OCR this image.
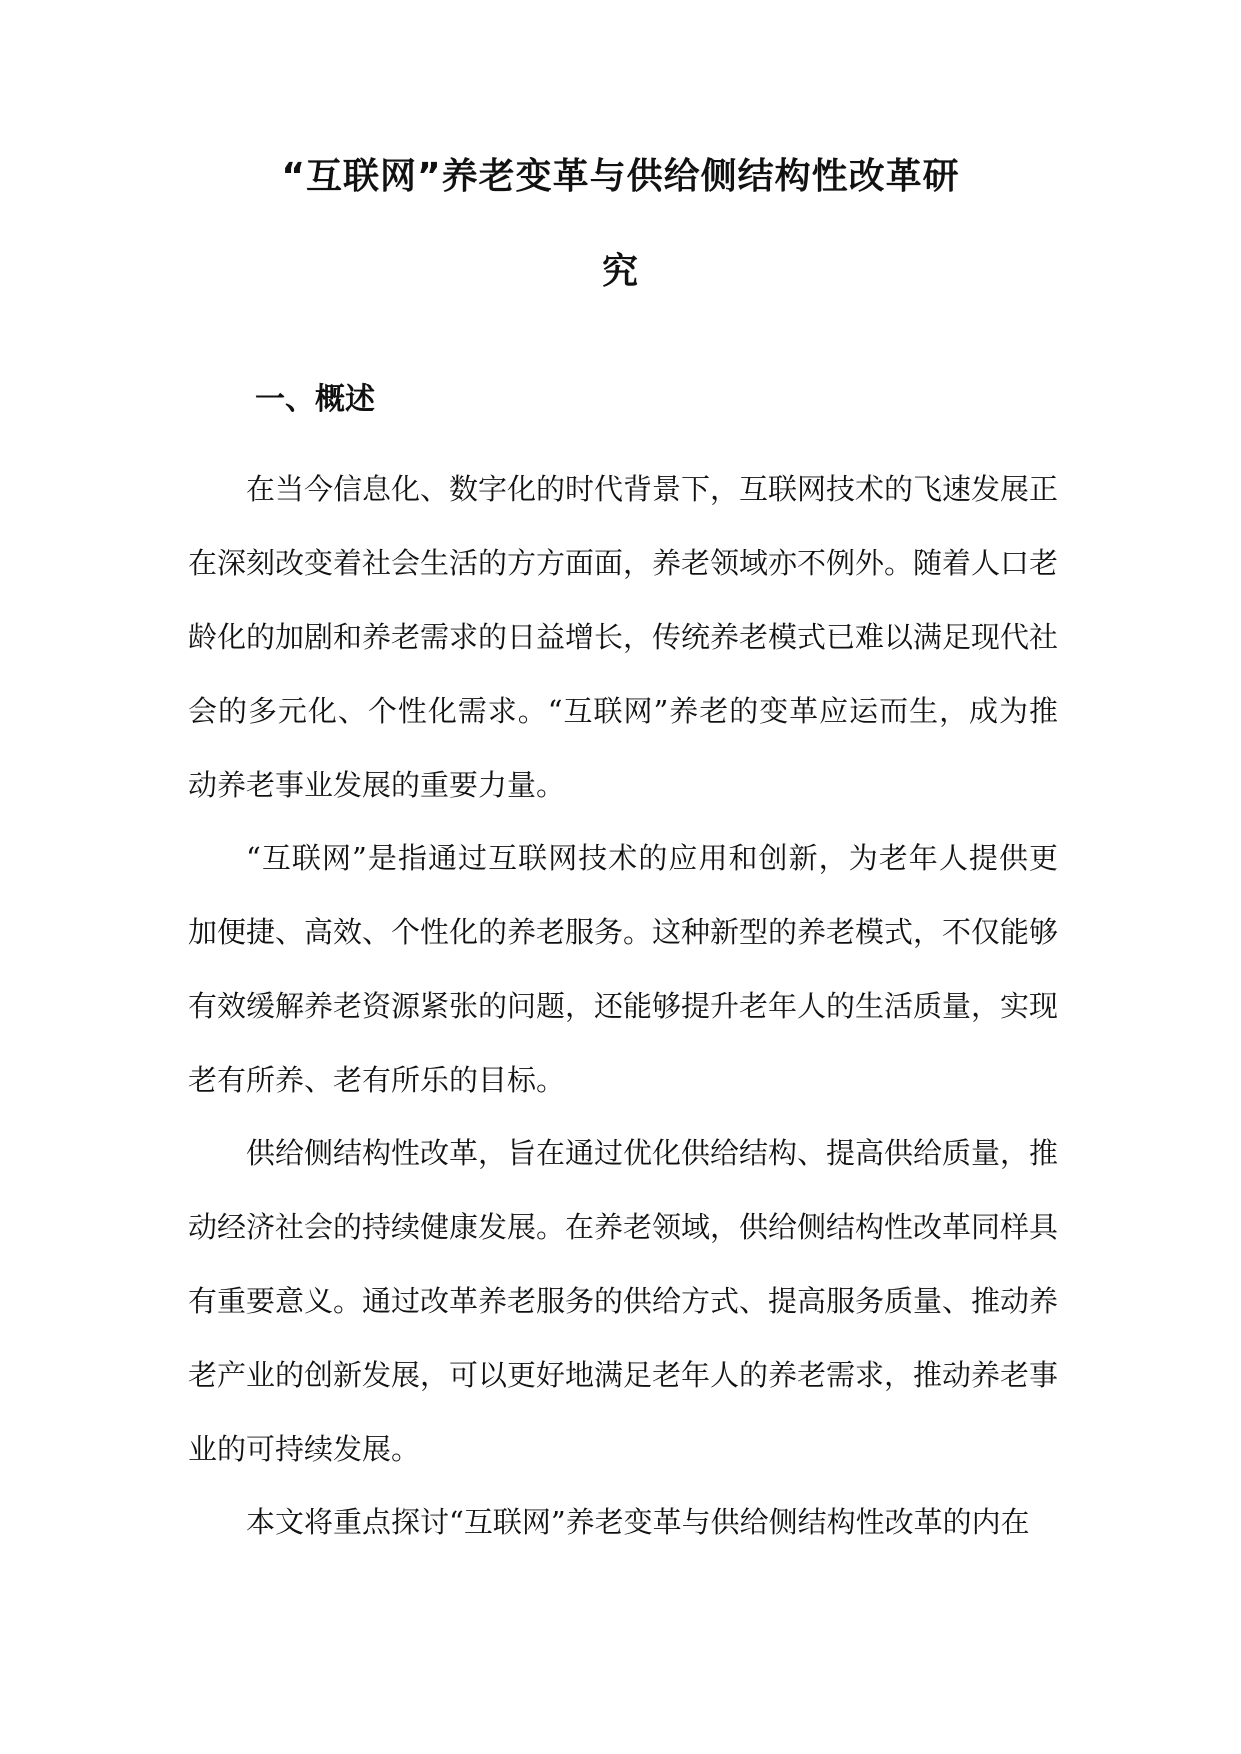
“互联网”养老变革与供给侧结构性改革研
究
一、概述

在当今信息化、数字化的时代背景下，互联网技术的飞速发展正在深刻改变着社会生活的方方面面，养老领域亦不例外。随着人口老龄化的加剧和养老需求的日益增长，传统养老模式已难以满足现代社会的多元化、个性化需求。“互联网”养老的变革应运而生，成为推动养老事业发展的重要力量。

“互联网”是指通过互联网技术的应用和创新，为老年人提供更加便捷、高效、个性化的养老服务。这种新型的养老模式，不仅能够有效缓解养老资源紧张的问题，还能够提升老年人的生活质量，实现老有所养、老有所乐的目标。

供给侧结构性改革，旨在通过优化供给结构、提高供给质量，推动经济社会的持续健康发展。在养老领域，供给侧结构性改革同样具有重要意义。通过改革养老服务的供给方式、提高服务质量、推动养老产业的创新发展，可以更好地满足老年人的养老需求，推动养老事业的可持续发展。

本文将重点探讨“互联网”养老变革与供给侧结构性改革的内在
